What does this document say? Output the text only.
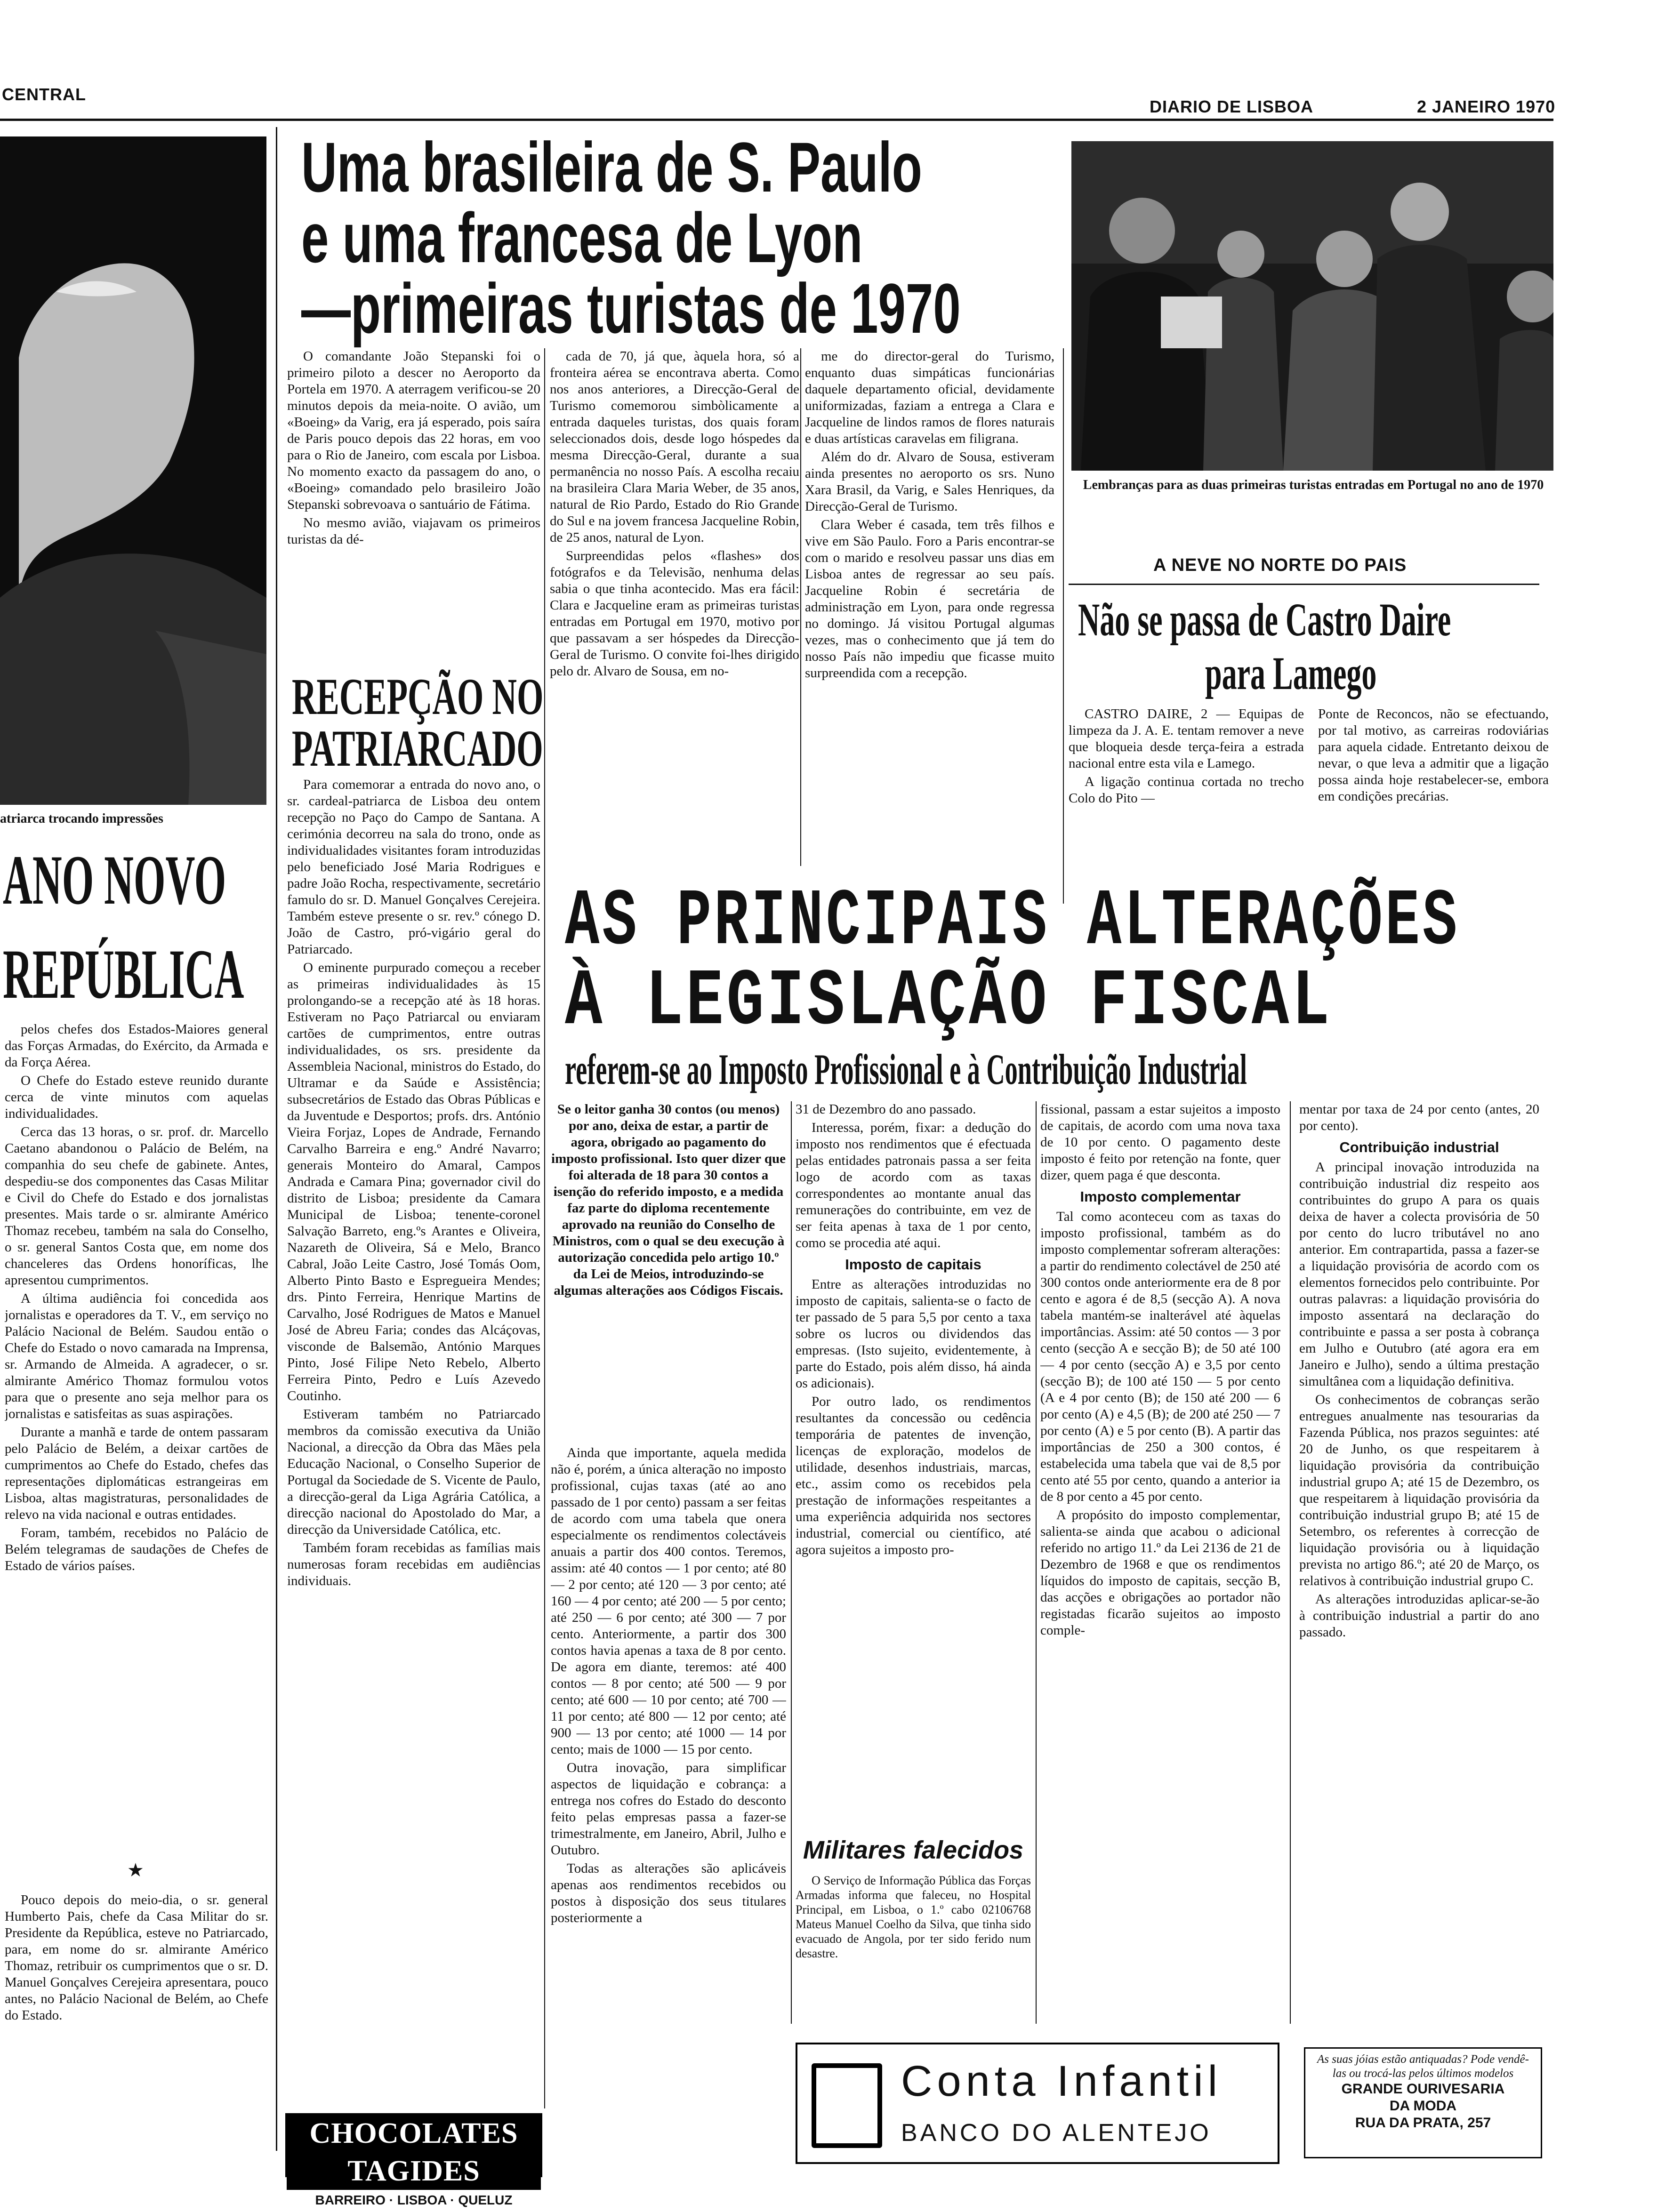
CENTRAL
DIARIO DE LISBOA	2 JANEIRO 1970
atriarca trocando impressões
ANO NOVO
REPÚBLICA

pelos chefes dos Estados-Maiores general das Forças Armadas, do Exército, da Armada e da Força Aérea.

O Chefe do Estado esteve reunido durante cerca de vinte minutos com aquelas individualidades.

Cerca das 13 horas, o sr. prof. dr. Marcello Caetano abandonou o Palácio de Belém, na companhia do seu chefe de gabinete. Antes, despediu-se dos componentes das Casas Militar e Civil do Chefe do Estado e dos jornalistas presentes. Mais tarde o sr. almirante Américo Thomaz recebeu, também na sala do Conselho, o sr. general Santos Costa que, em nome dos chanceleres das Ordens honoríficas, lhe apresentou cumprimentos.

A última audiência foi concedida aos jornalistas e operadores da T. V., em serviço no Palácio Nacional de Belém. Saudou então o Chefe do Estado o novo camarada na Imprensa, sr. Armando de Almeida. A agradecer, o sr. almirante Américo Thomaz formulou votos para que o presente ano seja melhor para os jornalistas e satisfeitas as suas aspirações.

Durante a manhã e tarde de ontem passaram pelo Palácio de Belém, a deixar cartões de cumprimentos ao Chefe do Estado, chefes das representações diplomáticas estrangeiras em Lisboa, altas magistraturas, personalidades de relevo na vida nacional e outras entidades.

Foram, também, recebidos no Palácio de Belém telegramas de saudações de Chefes de Estado de vários países.

★

Pouco depois do meio-dia, o sr. general Humberto Pais, chefe da Casa Militar do sr. Presidente da República, esteve no Patriarcado, para, em nome do sr. almirante Américo Thomaz, retribuir os cumprimentos que o sr. D. Manuel Gonçalves Cerejeira apresentara, pouco antes, no Palácio Nacional de Belém, ao Chefe do Estado.

Uma brasileira de S. Paulo
e uma francesa de Lyon
—primeiras turistas de 1970

O comandante João Stepanski foi o primeiro piloto a descer no Aeroporto da Portela em 1970. A aterragem verificou-se 20 minutos depois da meia-noite. O avião, um «Boeing» da Varig, era já esperado, pois saíra de Paris pouco depois das 22 horas, em voo para o Rio de Janeiro, com escala por Lisboa. No momento exacto da passagem do ano, o «Boeing» comandado pelo brasileiro João Stepanski sobrevoava o santuário de Fátima.

No mesmo avião, viajavam os primeiros turistas da dé-

cada de 70, já que, àquela hora, só a fronteira aérea se encontrava aberta. Como nos anos anteriores, a Direcção-Geral de Turismo comemorou simbòlicamente a entrada daqueles turistas, dos quais foram seleccionados dois, desde logo hóspedes da mesma Direcção-Geral, durante a sua permanência no nosso País. A escolha recaiu na brasileira Clara Maria Weber, de 35 anos, natural de Rio Pardo, Estado do Rio Grande do Sul e na jovem francesa Jacqueline Robin, de 25 anos, natural de Lyon.

Surpreendidas pelos «flashes» dos fotógrafos e da Televisão, nenhuma delas sabia o que tinha acontecido. Mas era fácil: Clara e Jacqueline eram as primeiras turistas entradas em Portugal em 1970, motivo por que passavam a ser hóspedes da Direcção-Geral de Turismo. O convite foi-lhes dirigido pelo dr. Alvaro de Sousa, em no-

me do director-geral do Turismo, enquanto duas simpáticas funcionárias daquele departamento oficial, devidamente uniformizadas, faziam a entrega a Clara e Jacqueline de lindos ramos de flores naturais e duas artísticas caravelas em filigrana.

Além do dr. Alvaro de Sousa, estiveram ainda presentes no aeroporto os srs. Nuno Xara Brasil, da Varig, e Sales Henriques, da Direcção-Geral de Turismo.

Clara Weber é casada, tem três filhos e vive em São Paulo. Foro a Paris encontrar-se com o marido e resolveu passar uns dias em Lisboa antes de regressar ao seu país. Jacqueline Robin é secretária de administração em Lyon, para onde regressa no domingo. Já visitou Portugal algumas vezes, mas o conhecimento que já tem do nosso País não impediu que ficasse muito surpreendida com a recepção.

Lembranças para as duas primeiras turistas entradas em Portugal no ano de 1970
RECEPÇÃO NO
PATRIARCADO

Para comemorar a entrada do novo ano, o sr. cardeal-patriarca de Lisboa deu ontem recepção no Paço do Campo de Santana. A cerimónia decorreu na sala do trono, onde as individualidades visitantes foram introduzidas pelo beneficiado José Maria Rodrigues e padre João Rocha, respectivamente, secretário famulo do sr. D. Manuel Gonçalves Cerejeira. Também esteve presente o sr. rev.º cónego D. João de Castro, pró-vigário geral do Patriarcado.

O eminente purpurado começou a receber as primeiras individualidades às 15 prolongando-se a recepção até às 18 horas. Estiveram no Paço Patriarcal ou enviaram cartões de cumprimentos, entre outras individualidades, os srs. presidente da Assembleia Nacional, ministros do Estado, do Ultramar e da Saúde e Assistência; subsecretários de Estado das Obras Públicas e da Juventude e Desportos; profs. drs. António Vieira Forjaz, Lopes de Andrade, Fernando Carvalho Barreira e eng.º André Navarro; generais Monteiro do Amaral, Campos Andrada e Camara Pina; governador civil do distrito de Lisboa; presidente da Camara Municipal de Lisboa; tenente-coronel Salvação Barreto, eng.ºs Arantes e Oliveira, Nazareth de Oliveira, Sá e Melo, Branco Cabral, João Leite Castro, José Tomás Oom, Alberto Pinto Basto e Espregueira Mendes; drs. Pinto Ferreira, Henrique Martins de Carvalho, José Rodrigues de Matos e Manuel José de Abreu Faria; condes das Alcáçovas, visconde de Balsemão, António Marques Pinto, José Filipe Neto Rebelo, Alberto Ferreira Pinto, Pedro e Luís Azevedo Coutinho.

Estiveram também no Patriarcado membros da comissão executiva da União Nacional, a direcção da Obra das Mães pela Educação Nacional, o Conselho Superior de Portugal da Sociedade de S. Vicente de Paulo, a direcção-geral da Liga Agrária Católica, a direcção nacional do Apostolado do Mar, a direcção da Universidade Católica, etc.

Também foram recebidas as famílias mais numerosas foram recebidas em audiências individuais.

CHOCOLATES TAGIDES
BARREIRO · LISBOA · QUELUZ
A NEVE NO NORTE DO PAIS
Não se passa de Castro Daire
para Lamego

CASTRO DAIRE, 2 — Equipas de limpeza da J. A. E. tentam remover a neve que bloqueia desde terça-feira a estrada nacional entre esta vila e Lamego.

A ligação continua cortada no trecho Colo do Pito —

Ponte de Reconcos, não se efectuando, por tal motivo, as carreiras rodoviárias para aquela cidade. Entretanto deixou de nevar, o que leva a admitir que a ligação possa ainda hoje restabelecer-se, embora em condições precárias.

AS PRINCIPAIS ALTERAÇÕES
À LEGISLAÇÃO FISCAL
referem-se ao Imposto Profissional e à Contribuição Industrial

Se o leitor ganha 30 contos (ou menos) por ano, deixa de estar, a partir de agora, obrigado ao pagamento do imposto profissional. Isto quer dizer que foi alterada de 18 para 30 contos a isenção do referido imposto, e a medida faz parte do diploma recentemente aprovado na reunião do Conselho de Ministros, com o qual se deu execução à autorização concedida pelo artigo 10.º da Lei de Meios, introduzindo-se algumas alterações aos Códigos Fiscais.

Ainda que importante, aquela medida não é, porém, a única alteração no imposto profissional, cujas taxas (até ao ano passado de 1 por cento) passam a ser feitas de acordo com uma tabela que onera especialmente os rendimentos colectáveis anuais a partir dos 400 contos. Teremos, assim: até 40 contos — 1 por cento; até 80 — 2 por cento; até 120 — 3 por cento; até 160 — 4 por cento; até 200 — 5 por cento; até 250 — 6 por cento; até 300 — 7 por cento. Anteriormente, a partir dos 300 contos havia apenas a taxa de 8 por cento. De agora em diante, teremos: até 400 contos — 8 por cento; até 500 — 9 por cento; até 600 — 10 por cento; até 700 — 11 por cento; até 800 — 12 por cento; até 900 — 13 por cento; até 1000 — 14 por cento; mais de 1000 — 15 por cento.

Outra inovação, para simplificar aspectos de liquidação e cobrança: a entrega nos cofres do Estado do desconto feito pelas empresas passa a fazer-se trimestralmente, em Janeiro, Abril, Julho e Outubro.

Todas as alterações são aplicáveis apenas aos rendimentos recebidos ou postos à disposição dos seus titulares posteriormente a

31 de Dezembro do ano passado.

Interessa, porém, fixar: a dedução do imposto nos rendimentos que é efectuada pelas entidades patronais passa a ser feita logo de acordo com as taxas correspondentes ao montante anual das remunerações do contribuinte, em vez de ser feita apenas à taxa de 1 por cento, como se procedia até aqui.

Imposto de capitais

Entre as alterações introduzidas no imposto de capitais, salienta-se o facto de ter passado de 5 para 5,5 por cento a taxa sobre os lucros ou dividendos das empresas. (Isto sujeito, evidentemente, à parte do Estado, pois além disso, há ainda os adicionais).

Por outro lado, os rendimentos resultantes da concessão ou cedência temporária de patentes de invenção, licenças de exploração, modelos de utilidade, desenhos industriais, marcas, etc., assim como os recebidos pela prestação de informações respeitantes a uma experiência adquirida nos sectores industrial, comercial ou científico, até agora sujeitos a imposto pro-

Militares falecidos

O Serviço de Informação Pública das Forças Armadas informa que faleceu, no Hospital Principal, em Lisboa, o 1.º cabo 02106768 Mateus Manuel Coelho da Silva, que tinha sido evacuado de Angola, por ter sido ferido num desastre.

fissional, passam a estar sujeitos a imposto de capitais, de acordo com uma nova taxa de 10 por cento. O pagamento deste imposto é feito por retenção na fonte, quer dizer, quem paga é que desconta.

Imposto complementar

Tal como aconteceu com as taxas do imposto profissional, também as do imposto complementar sofreram alterações: a partir do rendimento colectável de 250 até 300 contos onde anteriormente era de 8 por cento e agora é de 8,5 (secção A). A nova tabela mantém-se inalterável até àquelas importâncias. Assim: até 50 contos — 3 por cento (secção A e secção B); de 50 até 100 — 4 por cento (secção A) e 3,5 por cento (secção B); de 100 até 150 — 5 por cento (A e 4 por cento (B); de 150 até 200 — 6 por cento (A) e 4,5 (B); de 200 até 250 — 7 por cento (A) e 5 por cento (B). A partir das importâncias de 250 a 300 contos, é estabelecida uma tabela que vai de 8,5 por cento até 55 por cento, quando a anterior ia de 8 por cento a 45 por cento.

A propósito do imposto complementar, salienta-se ainda que acabou o adicional referido no artigo 11.º da Lei 2136 de 21 de Dezembro de 1968 e que os rendimentos líquidos do imposto de capitais, secção B, das acções e obrigações ao portador não registadas ficarão sujeitos ao imposto comple-

mentar por taxa de 24 por cento (antes, 20 por cento).

Contribuição industrial

A principal inovação introduzida na contribuição industrial diz respeito aos contribuintes do grupo A para os quais deixa de haver a colecta provisória de 50 por cento do lucro tributável no ano anterior. Em contrapartida, passa a fazer-se a liquidação provisória de acordo com os elementos fornecidos pelo contribuinte. Por outras palavras: a liquidação provisória do imposto assentará na declaração do contribuinte e passa a ser posta à cobrança em Julho e Outubro (até agora era em Janeiro e Julho), sendo a última prestação simultânea com a liquidação definitiva.

Os conhecimentos de cobranças serão entregues anualmente nas tesourarias da Fazenda Pública, nos prazos seguintes: até 20 de Junho, os que respeitarem à liquidação provisória da contribuição industrial grupo A; até 15 de Dezembro, os que respeitarem à liquidação provisória da contribuição industrial grupo B; até 15 de Setembro, os referentes à correcção de liquidação provisória ou à liquidação prevista no artigo 86.º; até 20 de Março, os relativos à contribuição industrial grupo C.

As alterações introduzidas aplicar-se-ão à contribuição industrial a partir do ano passado.

Conta Infantil
BANCO DO ALENTEJO
As suas jóias estão antiquadas? Pode vendê-las ou trocá-las pelos últimos modelos
GRANDE OURIVESARIA
DA MODA
RUA DA PRATA, 257
